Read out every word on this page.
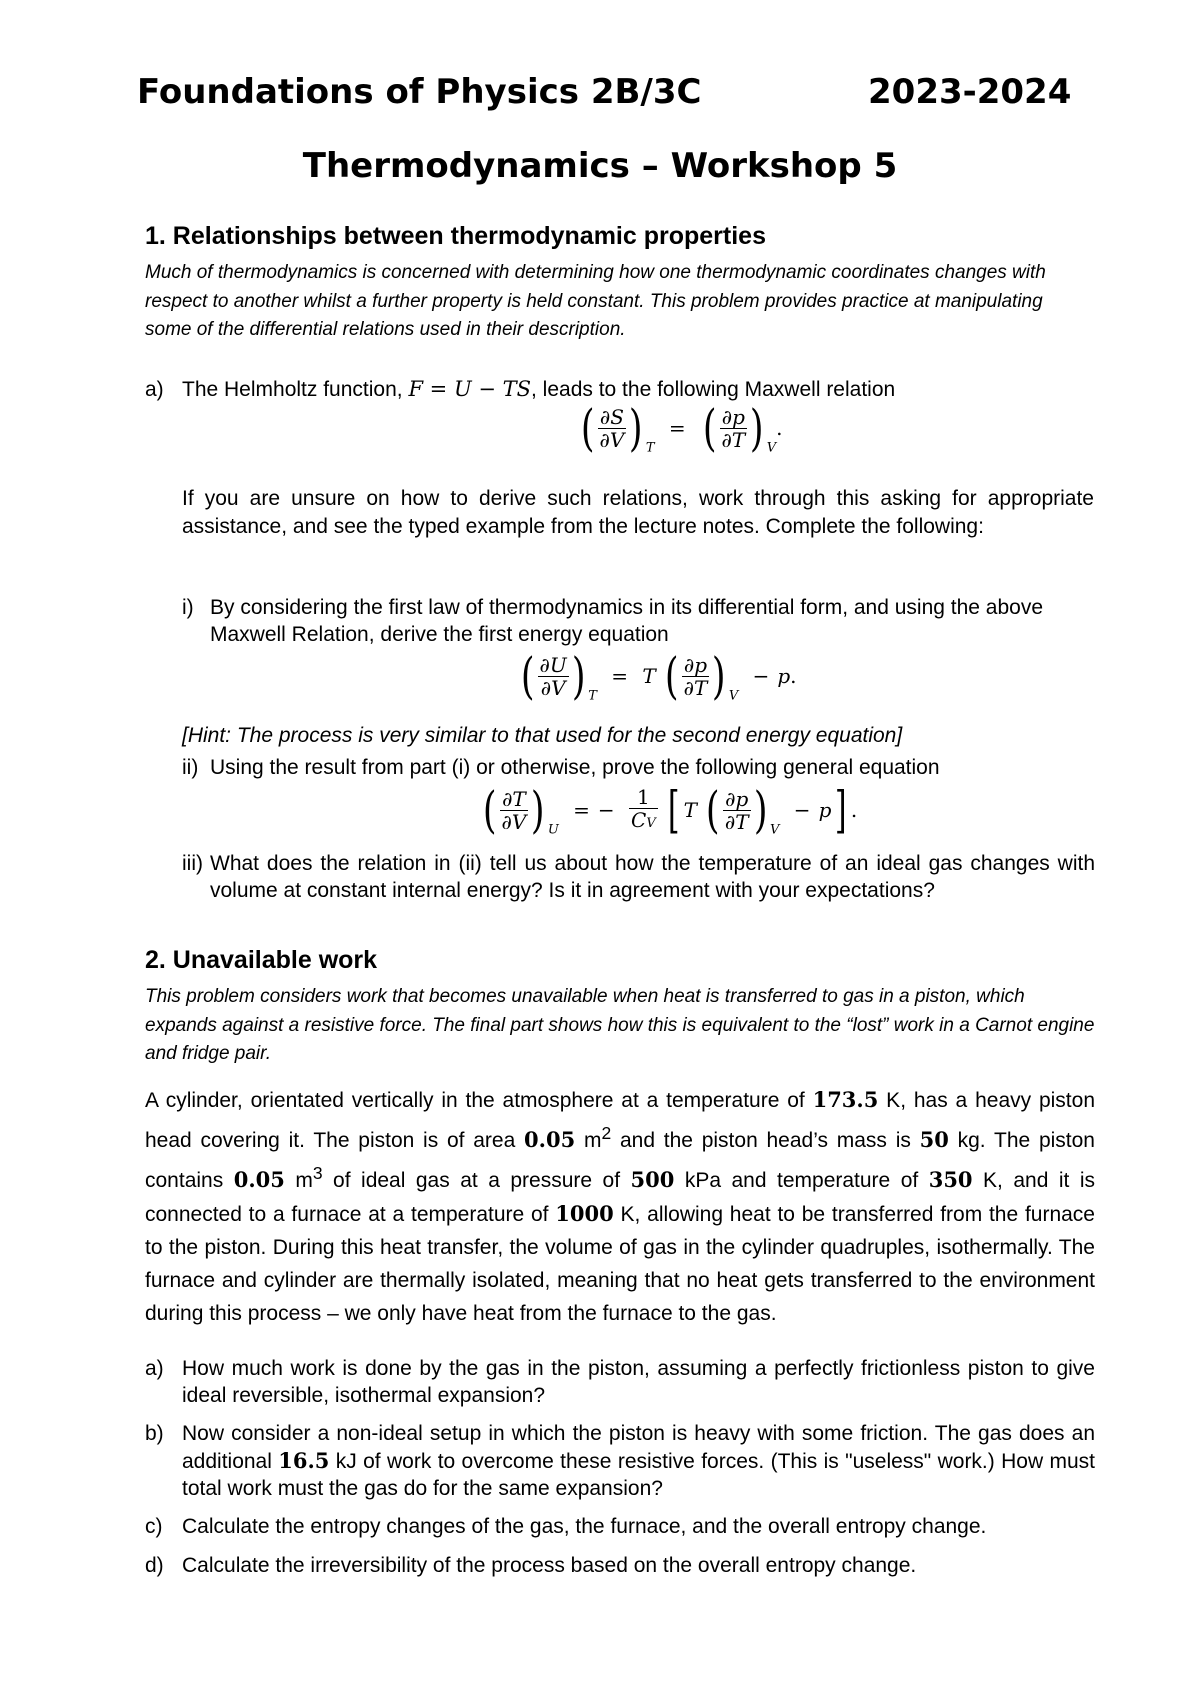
Foundations of Physics 2B/3C	2023-2024
Thermodynamics – Workshop 5
1. Relationships between thermodynamic properties
Much of thermodynamics is concerned with determining how one thermodynamic coordinates changes with respect to another whilst a further property is held constant. This problem provides practice at manipulating some of the differential relations used in their description.
a) The Helmholtz function, F = U − TS, leads to the following Maxwell relation
( $\frac{\partial S}{\partial V}$ ) $_T$ = ( $\frac{\partial p}{\partial T}$ ) $_V$.
If you are unsure on how to derive such relations, work through this asking for appropriate assistance, and see the typed example from the lecture notes. Complete the following:
i) By considering the first law of thermodynamics in its differential form, and using the above Maxwell Relation, derive the first energy equation
( $\frac{\partial U}{\partial V}$ ) $_T$ = T ( $\frac{\partial p}{\partial T}$ ) $_V$ − p.
[Hint: The process is very similar to that used for the second energy equation]
ii) Using the result from part (i) or otherwise, prove the following general equation
( $\frac{\partial T}{\partial V}$ ) $_U$ = − $\frac{1}{CV}$ [ T ( $\frac{\partial p}{\partial T}$ ) $_V$ − p] .
iii) What does the relation in (ii) tell us about how the temperature of an ideal gas changes with volume at constant internal energy? Is it in agreement with your expectations?
2. Unavailable work
This problem considers work that becomes unavailable when heat is transferred to gas in a piston, which expands against a resistive force. The final part shows how this is equivalent to the “lost” work in a Carnot engine and fridge pair.
A cylinder, orientated vertically in the atmosphere at a temperature of 173.5 K, has a heavy piston head covering it. The piston is of area 0.05 $m^2$ and the piston head’s mass is 50 kg. The piston contains 0.05 $m^3$ of ideal gas at a pressure of 500 kPa and temperature of 350 K, and it is connected to a furnace at a temperature of 1000 K, allowing heat to be transferred from the furnace to the piston. During this heat transfer, the volume of gas in the cylinder quadruples, isothermally. The furnace and cylinder are thermally isolated, meaning that no heat gets transferred to the environment during this process – we only have heat from the furnace to the gas.
a) How much work is done by the gas in the piston, assuming a perfectly frictionless piston to give ideal reversible, isothermal expansion?
b) Now consider a non-ideal setup in which the piston is heavy with some friction. The gas does an additional 16.5 kJ of work to overcome these resistive forces. (This is "useless" work.) How must total work must the gas do for the same expansion?
c) Calculate the entropy changes of the gas, the furnace, and the overall entropy change.
d) Calculate the irreversibility of the process based on the overall entropy change.
